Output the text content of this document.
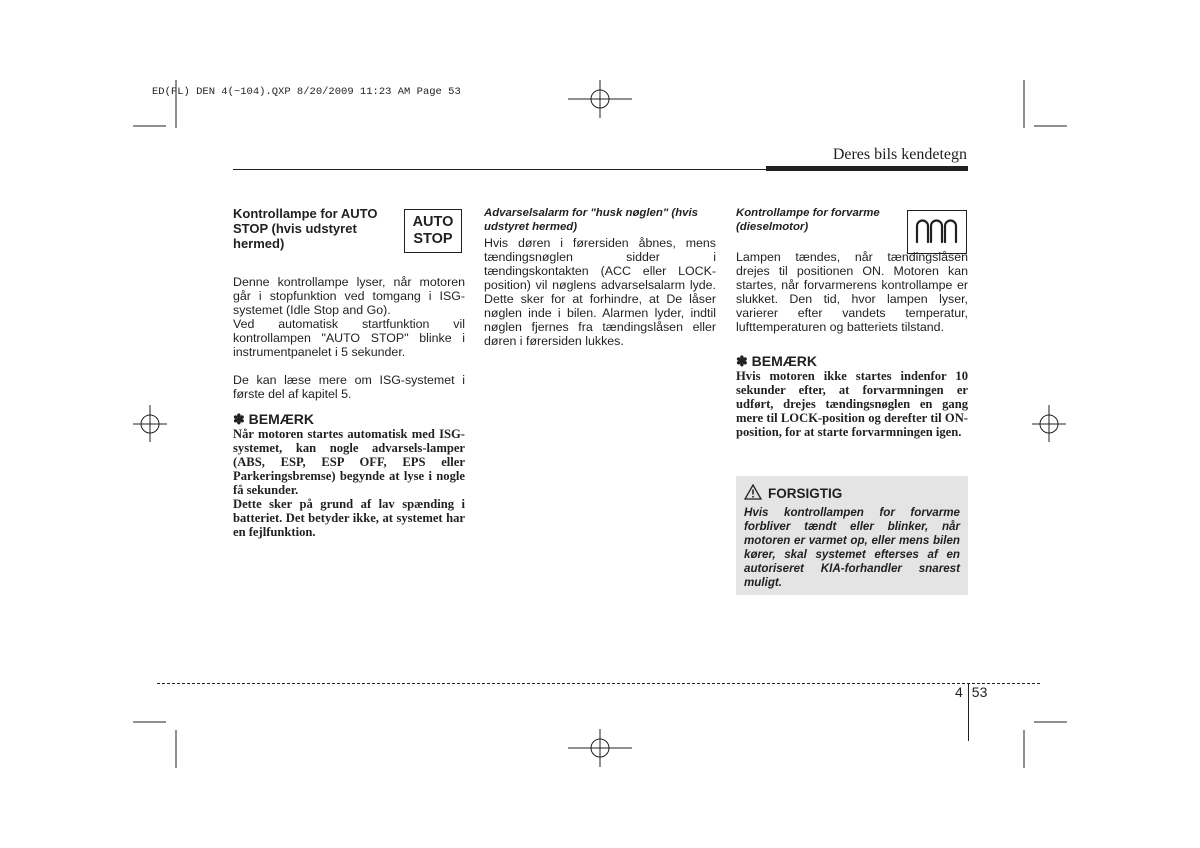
ED(FL) DEN 4(~104).QXP 8/20/2009 11:23 AM Page 53
Deres bils kendetegn

Kontrollampe for AUTO STOP (hvis udstyret hermed)

Denne kontrollampe lyser, når motoren går i stopfunktion ved tomgang i ISG-systemet (Idle Stop and Go).

Ved automatisk startfunktion vil kontrollampen "AUTO STOP" blinke i instrumentpanelet i 5 sekunder.

De kan læse mere om ISG-systemet i første del af kapitel 5.

✽ BEMÆRK

Når motoren startes automatisk med ISG-systemet, kan nogle advarsels-lamper (ABS, ESP, ESP OFF, EPS eller Parkeringsbremse) begynde at lyse i nogle få sekunder.

Dette sker på grund af lav spænding i batteriet. Det betyder ikke, at systemet har en fejlfunktion.

AUTO
STOP

Advarselsalarm for "husk nøglen" (hvis udstyret hermed)

Hvis døren i førersiden åbnes, mens tændingsnøglen sidder i tændingskontakten (ACC eller LOCK-position) vil nøglens advarselsalarm lyde. Dette sker for at forhindre, at De låser nøglen inde i bilen. Alarmen lyder, indtil nøglen fjernes fra tændingslåsen eller døren i førersiden lukkes.

Kontrollampe for forvarme (dieselmotor)

Lampen tændes, når tændingslåsen drejes til positionen ON. Motoren kan startes, når forvarmerens kontrollampe er slukket. Den tid, hvor lampen lyser, varierer efter vandets temperatur, lufttemperaturen og batteriets tilstand.

✽ BEMÆRK

Hvis motoren ikke startes indenfor 10 sekunder efter, at forvarmningen er udført, drejes tændingsnøglen en gang mere til LOCK-position og derefter til ON-position, for at starte forvarmningen igen.

FORSIGTIG

Hvis kontrollampen for forvarme forbliver tændt eller blinker, når motoren er varmet op, eller mens bilen kører, skal systemet efterses af en autoriseret KIA-forhandler snarest muligt.

4 53
